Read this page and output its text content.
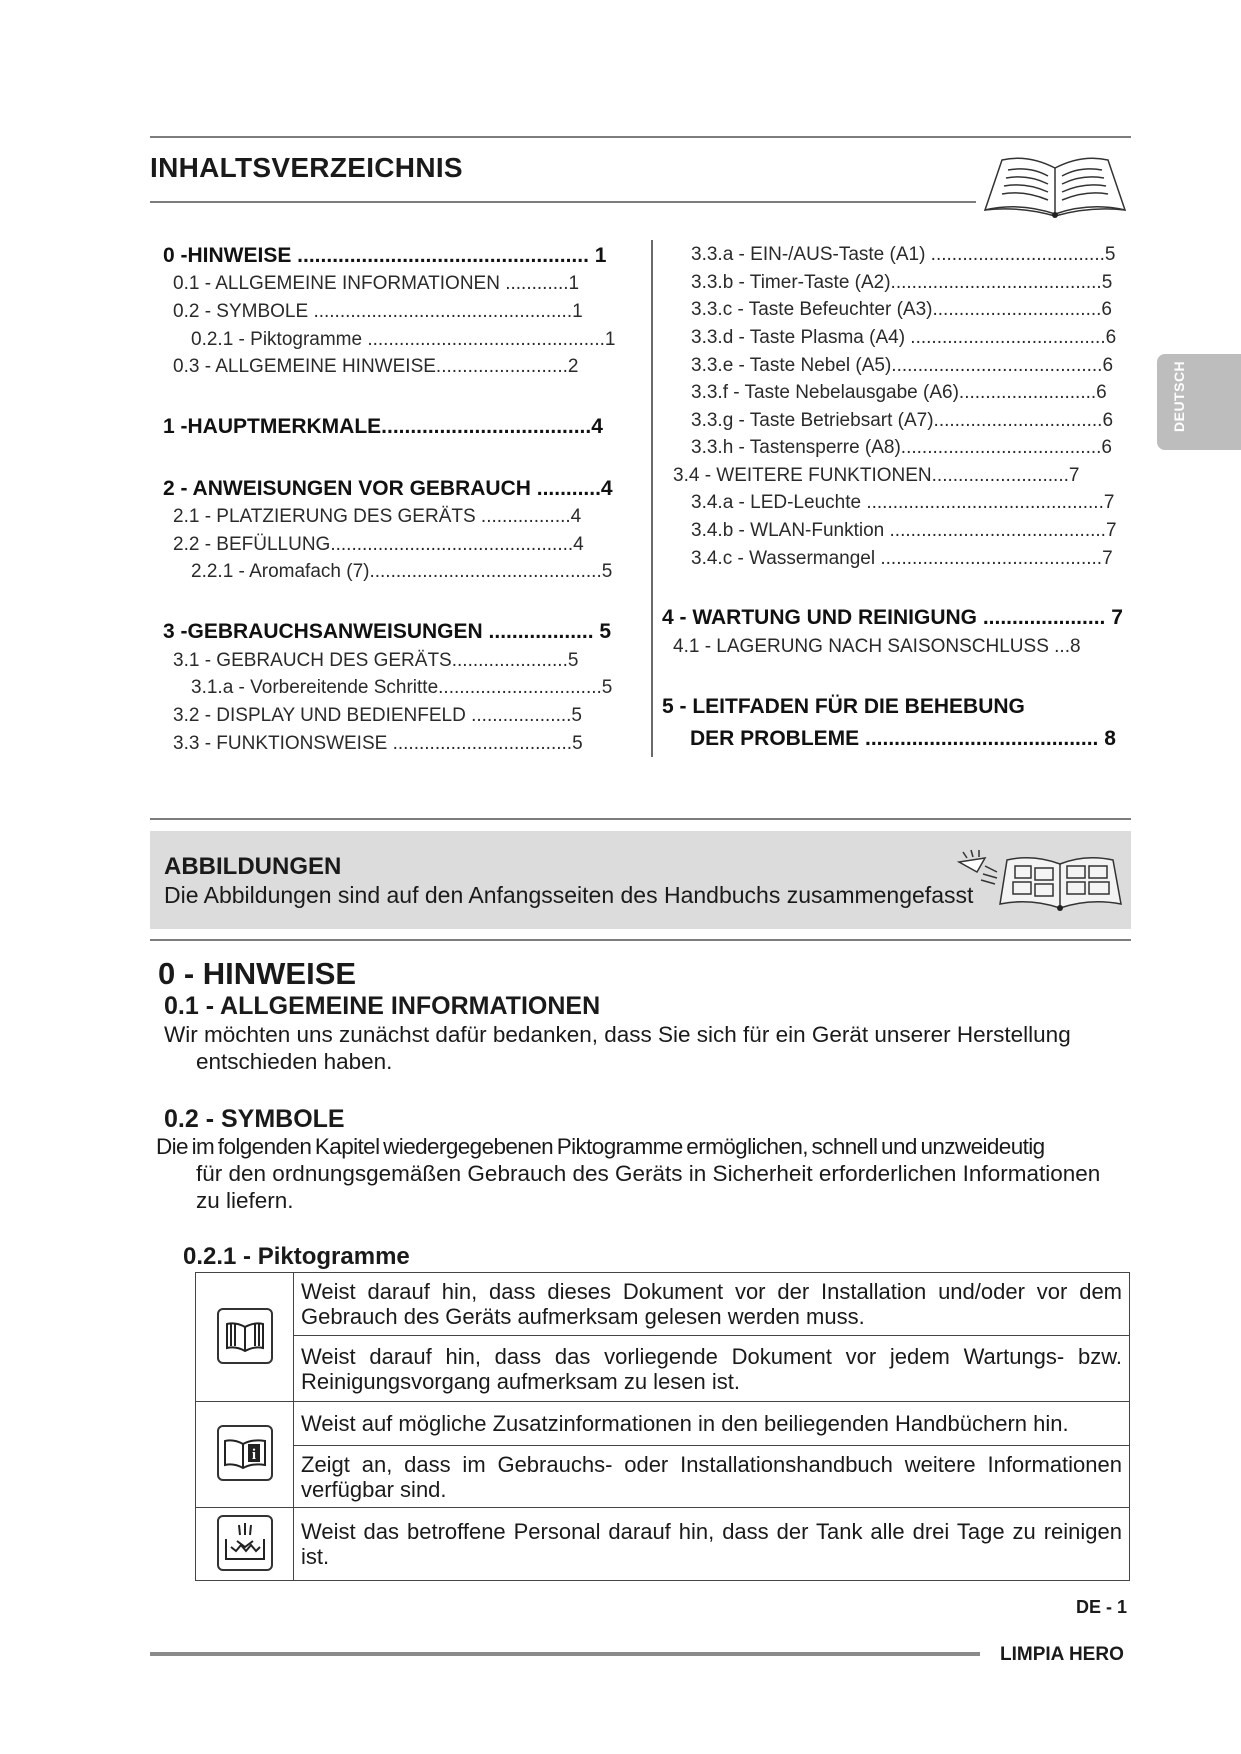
DEUTSCH
INHALTSVERZEICHNIS
0 -HINWEISE .................................................. 1
0.1 - ALLGEMEINE INFORMATIONEN ............1
0.2 - SYMBOLE .................................................1
0.2.1 - Piktogramme .............................................1
0.3 - ALLGEMEINE HINWEISE.........................2
1 -HAUPTMERKMALE....................................4
2 - ANWEISUNGEN VOR GEBRAUCH ...........4
2.1 - PLATZIERUNG DES GERÄTS .................4
2.2 - BEFÜLLUNG..............................................4
2.2.1 - Aromafach (7)............................................5
3 -GEBRAUCHSANWEISUNGEN .................. 5
3.1 - GEBRAUCH DES GERÄTS......................5
3.1.a - Vorbereitende Schritte...............................5
3.2 - DISPLAY UND BEDIENFELD ...................5
3.3 - FUNKTIONSWEISE ..................................5
3.3.a - EIN-/AUS-Taste (A1) .................................5
3.3.b - Timer-Taste (A2)........................................5
3.3.c - Taste Befeuchter (A3)................................6
3.3.d - Taste Plasma (A4) .....................................6
3.3.e - Taste Nebel (A5)........................................6
3.3.f - Taste Nebelausgabe (A6)..........................6
3.3.g - Taste Betriebsart (A7)................................6
3.3.h - Tastensperre (A8)......................................6
3.4 - WEITERE FUNKTIONEN..........................7
3.4.a - LED-Leuchte .............................................7
3.4.b - WLAN-Funktion .........................................7
3.4.c - Wassermangel ..........................................7
4 - WARTUNG UND REINIGUNG ..................... 7
4.1 - LAGERUNG NACH SAISONSCHLUSS ...8
5 - LEITFADEN FÜR DIE BEHEBUNG
DER PROBLEME ........................................ 8
ABBILDUNGEN
Die Abbildungen sind auf den Anfangsseiten des Handbuchs zusammengefasst
0 - HINWEISE
0.1 - ALLGEMEINE INFORMATIONEN
Wir möchten uns zunächst dafür bedanken, dass Sie sich für ein Gerät unserer Herstellung
entschieden haben.
0.2 - SYMBOLE
Die im folgenden Kapitel wiedergegebenen Piktogramme ermöglichen, schnell und unzweideutig
für den ordnungsgemäßen Gebrauch des Geräts in Sicherheit erforderlichen Informationen
zu liefern.
0.2.1 - Piktogramme
	Weist darauf hin, dass dieses Dokument vor der Installation und/oder vor dem Gebrauch des Geräts aufmerksam gelesen werden muss.
	Weist darauf hin, dass das vorliegende Dokument vor jedem Wartungs- bzw. Reinigungsvorgang aufmerksam zu lesen ist.

i	Weist auf mögliche Zusatzinformationen in den beiliegenden Handbüchern hin.
	Zeigt an, dass im Gebrauchs- oder Installationshandbuch weitere Informationen verfügbar sind.
	Weist das betroffene Personal darauf hin, dass der Tank alle drei Tage zu reinigen ist.
DE - 1
LIMPIA HERO
